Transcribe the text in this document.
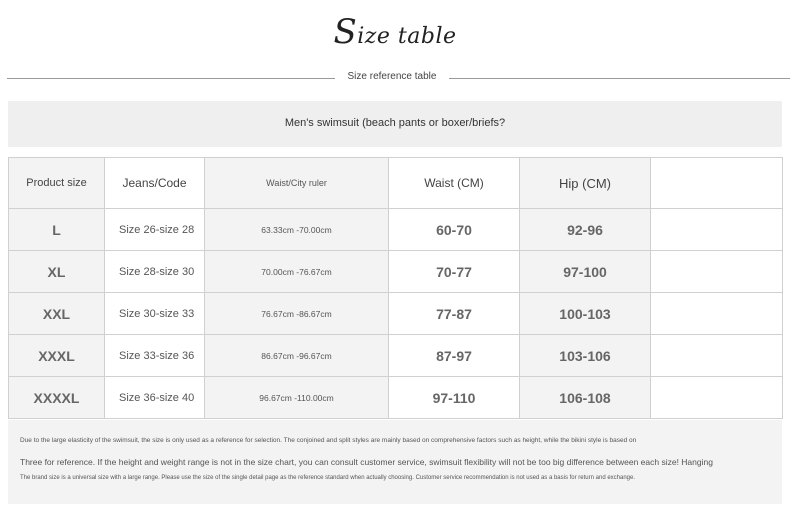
Size table
Size reference table
Men's swimsuit (beach pants or boxer/briefs?
Product size	Jeans/Code	Waist/City ruler	Waist (CM)	Hip (CM)	
L	Size 26-size 28	63.33cm -70.00cm	60-70	92-96	
XL	Size 28-size 30	70.00cm -76.67cm	70-77	97-100	
XXL	Size 30-size 33	76.67cm -86.67cm	77-87	100-103	
XXXL	Size 33-size 36	86.67cm -96.67cm	87-97	103-106	
XXXXL	Size 36-size 40	96.67cm -110.00cm	97-110	106-108	
Due to the large elasticity of the swimsuit, the size is only used as a reference for selection. The conjoined and split styles are mainly based on comprehensive factors such as height, while the bikini style is based on
Three for reference. If the height and weight range is not in the size chart, you can consult customer service, swimsuit flexibility will not be too big difference between each size! Hanging
The brand size is a universal size with a large range. Please use the size of the single detail page as the reference standard when actually choosing. Customer service recommendation is not used as a basis for return and exchange.
